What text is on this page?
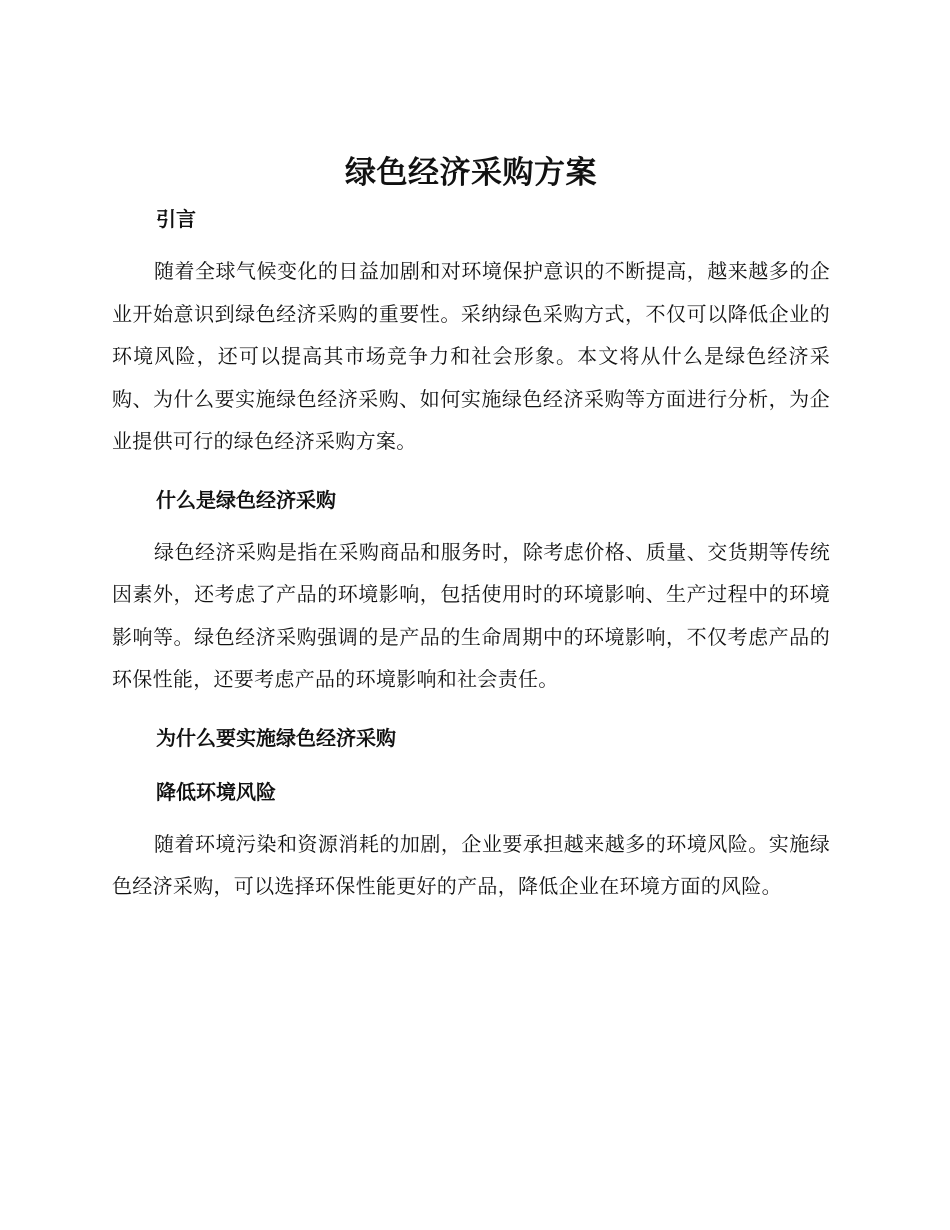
绿色经济采购方案
引言

随着全球气候变化的日益加剧和对环境保护意识的不断提高，越来越多的企业开始意识到绿色经济采购的重要性。采纳绿色采购方式，不仅可以降低企业的环境风险，还可以提高其市场竞争力和社会形象。本文将从什么是绿色经济采购、为什么要实施绿色经济采购、如何实施绿色经济采购等方面进行分析，为企业提供可行的绿色经济采购方案。

什么是绿色经济采购

绿色经济采购是指在采购商品和服务时，除考虑价格、质量、交货期等传统因素外，还考虑了产品的环境影响，包括使用时的环境影响、生产过程中的环境影响等。绿色经济采购强调的是产品的生命周期中的环境影响，不仅考虑产品的环保性能，还要考虑产品的环境影响和社会责任。

为什么要实施绿色经济采购
降低环境风险

随着环境污染和资源消耗的加剧，企业要承担越来越多的环境风险。实施绿色经济采购，可以选择环保性能更好的产品，降低企业在环境方面的风险。
